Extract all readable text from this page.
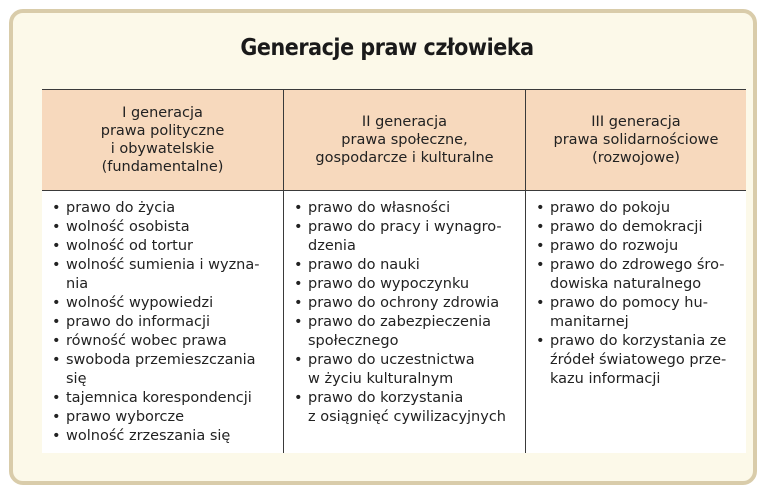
Generacje praw człowieka
I generacja
prawa polityczne
i obywatelskie
(fundamentalne)
II generacja
prawa społeczne,
gospodarcze i kulturalne
III generacja
prawa solidarnościowe
(rozwojowe)
• prawo do życia
• wolność osobista
• wolność od tortur
• wolność sumienia i wyzna-
nia
• wolność wypowiedzi
• prawo do informacji
• równość wobec prawa
• swoboda przemieszczania
się
• tajemnica korespondencji
• prawo wyborcze
• wolność zrzeszania się
• prawo do własności
• prawo do pracy i wynagro-
dzenia
• prawo do nauki
• prawo do wypoczynku
• prawo do ochrony zdrowia
• prawo do zabezpieczenia
społecznego
• prawo do uczestnictwa
w życiu kulturalnym
• prawo do korzystania
z osiągnięć cywilizacyjnych
• prawo do pokoju
• prawo do demokracji
• prawo do rozwoju
• prawo do zdrowego śro-
dowiska naturalnego
• prawo do pomocy hu-
manitarnej
• prawo do korzystania ze
źródeł światowego prze-
kazu informacji
